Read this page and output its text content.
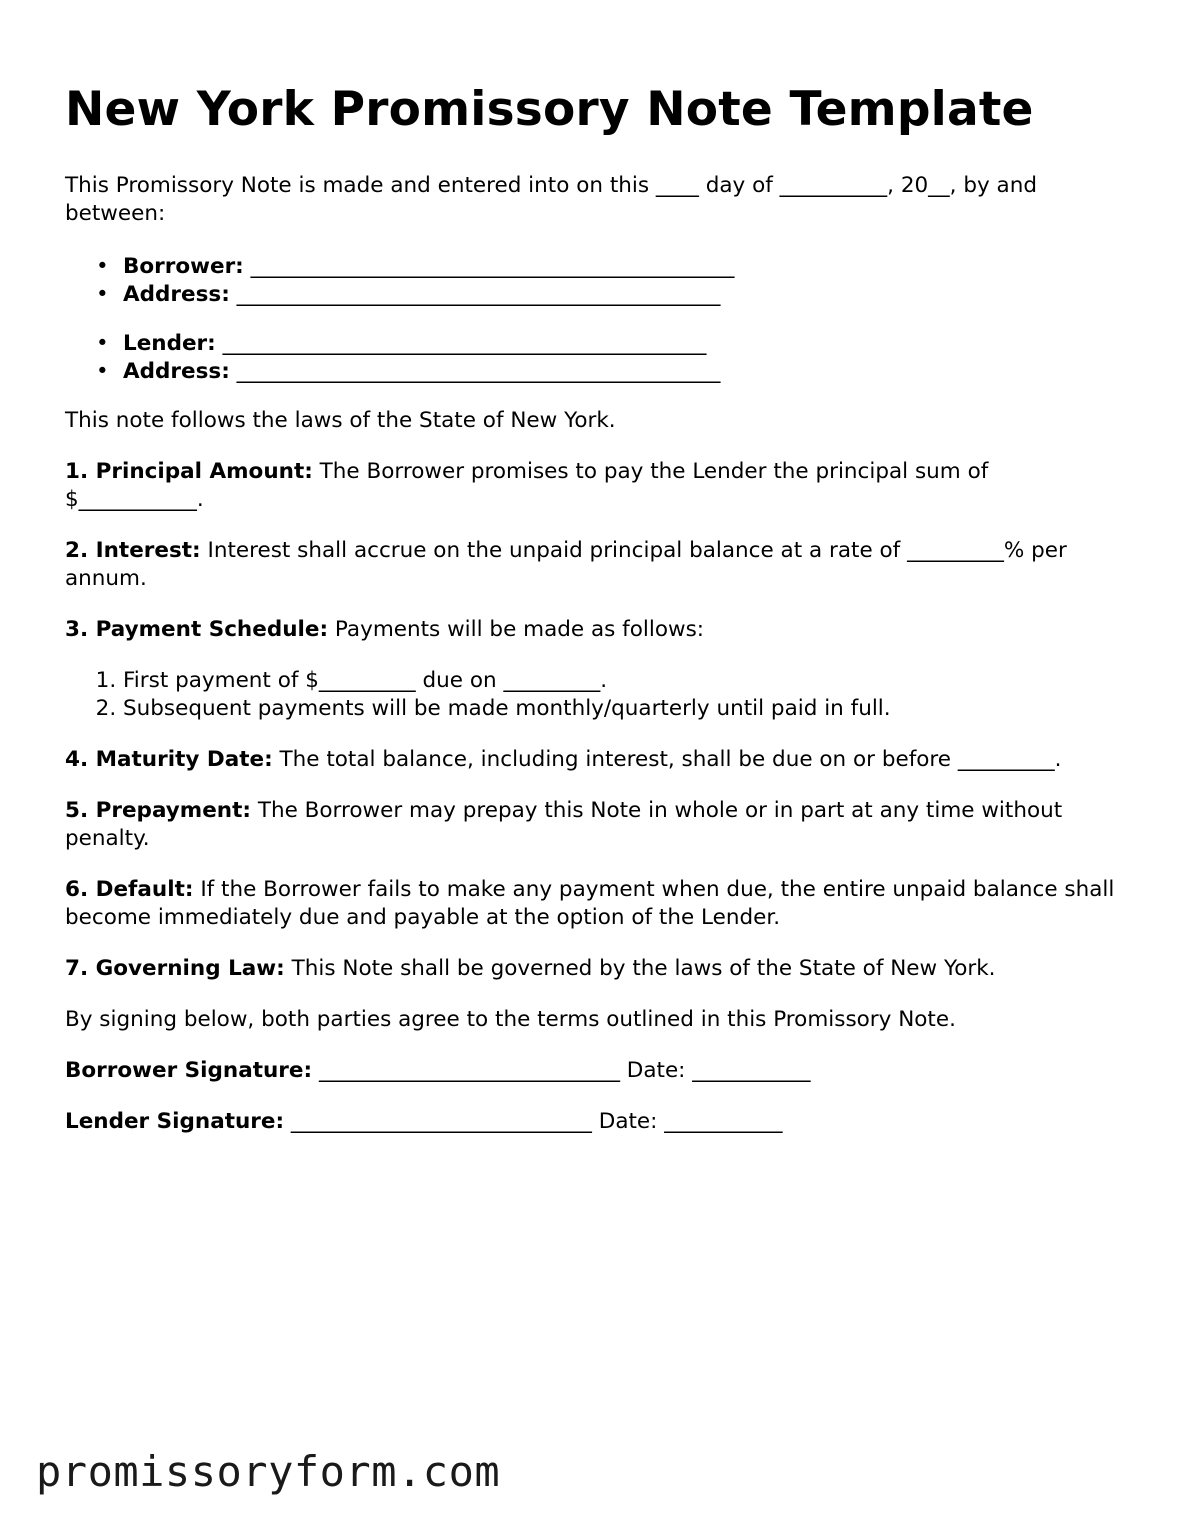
New York Promissory Note Template

This Promissory Note is made and entered into on this ____ day of __________, 20__, by and between:

• Borrower: _____________________________________________
• Address: _____________________________________________
• Lender: _____________________________________________
• Address: _____________________________________________

This note follows the laws of the State of New York.

1. Principal Amount: The Borrower promises to pay the Lender the principal sum of $___________.

2. Interest: Interest shall accrue on the unpaid principal balance at a rate of _________% per annum.

3. Payment Schedule: Payments will be made as follows:

1. First payment of $_________ due on _________.
2. Subsequent payments will be made monthly/quarterly until paid in full.

4. Maturity Date: The total balance, including interest, shall be due on or before _________.

5. Prepayment: The Borrower may prepay this Note in whole or in part at any time without penalty.

6. Default: If the Borrower fails to make any payment when due, the entire unpaid balance shall become immediately due and payable at the option of the Lender.

7. Governing Law: This Note shall be governed by the laws of the State of New York.

By signing below, both parties agree to the terms outlined in this Promissory Note.

Borrower Signature: ____________________________ Date: ___________

Lender Signature: ____________________________ Date: ___________

promissoryform.com
